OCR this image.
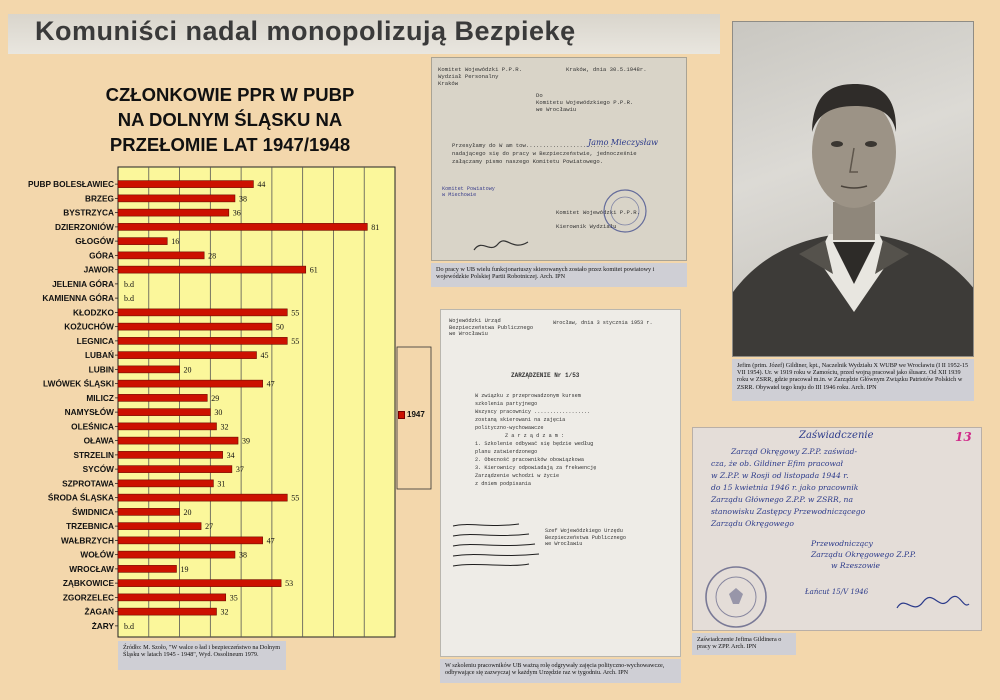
Komuniści nadal monopolizują Bezpiekę
CZŁONKOWIE PPR W PUBP
NA DOLNYM ŚLĄSKU NA
PRZEŁOMIE LAT 1947/1948
PUBP BOLESŁAWIEC	44
BRZEG	38
BYSTRZYCA	36
DZIERZONIÓW	81
GŁOGÓW	16
GÓRA	28
JAWOR	61
JELENIA GÓRA b.d
KAMIENNA GÓRA b.d
KŁODZKO	55
KOŻUCHÓW	50
LEGNICA	55
LUBAŃ	45
LUBIN	20
LWÓWEK ŚLĄSKI	47
MILICZ	29
NAMYSŁÓW	30
OLEŚNICA	32
OŁAWA	39
STRZELIN	34
SYCÓW	37
SZPROTAWA	31
ŚRODA ŚLĄSKA	55
ŚWIDNICA	20
TRZEBNICA	27
WAŁBRZYCH	47
WOŁÓW	38
WROCŁAW	19
ZĄBKOWICE	53
ZGORZELEC	35
ŻAGAŃ	32
ŻARY b.d
1947
Źródło: M. Szoło, "W walce o ład i bezpieczeństwo na Dolnym Śląsku w latach 1945 - 1948", Wyd. Ossolineum 1979.
Komitet Wojewódzki P.P.R.
Wydział Personalny
Kraków
Kraków, dnia 30.5.1948r.
Do
Komitetu Wojewódzkiego P.P.R.
we Wrocławiu
Przesyłamy do W am tow..........................
nadającego się do pracy w Bezpieczeństwie, jednocześnie
załączamy pismo naszego Komitetu Powiatowego.
Jamo Mieczysław
Komitet Powiatowy
w Miechowie
Komitet Wojewódzki P.P.R.
Kierownik Wydziału
Do pracy w UB wielu funkcjonariuszy skierowanych zostało przez komitet powiatowy i wojewódzkie Polskiej Partii Robotniczej. Arch. IPN
Jefim (prim. Józef) Gildiner, kpt., Naczelnik Wydziału X WUBP we Wrocławiu (I II 1952-15 VII 1954). Ur. w 1919 roku w Zamościu, przed wojną pracował jako ślusarz. Od XII 1939 roku w ZSRR, gdzie pracował m.in. w Zarządzie Głównym Związku Patriotów Polskich w ZSRR. Obywatel tego kraju do III 1946 roku. Arch. IPN
Wojewódzki Urząd
Bezpieczeństwa Publicznego
we Wrocławiu
Wrocław, dnia 3 stycznia 1953 r.
ZARZĄDZENIE Nr 1/53
W związku z przeprowadzonym kursem
szkolenia partyjnego
Wszyscy pracownicy ..................
zostaną skierowani na zajęcia
polityczno-wychowawcze
Z a r z ą d z a m :
1. Szkolenie odbywać się będzie według
planu zatwierdzonego
2. Obecność pracowników obowiązkowa
3. Kierownicy odpowiadają za frekwencję
Zarządzenie wchodzi w życie
z dniem podpisania
Szef Wojewódzkiego Urzędu
Bezpieczeństwa Publicznego
we Wrocławiu
W szkoleniu pracowników UB ważną rolę odgrywały zajęcia polityczno-wychowawcze, odbywające się zazwyczaj w każdym Urzędzie raz w tygodniu. Arch. IPN
Zaświadczenie	13
Zarząd Okręgowy Z.P.P. zaświad-
cza, że ob. Gildiner Efim pracował
w Z.P.P. w Rosji od listopada 1944 r.
do 15 kwietnia 1946 r. jako pracownik
Zarządu Głównego Z.P.P. w ZSRR, na
stanowisku Zastępcy Przewodniczącego
Zarządu Okręgowego
Przewodniczący
Zarządu Okręgowego Z.P.P.
w Rzeszowie
Łańcut 15/V 1946
Zaświadczenie Jefima Gildinera o pracy w ZPP. Arch. IPN
